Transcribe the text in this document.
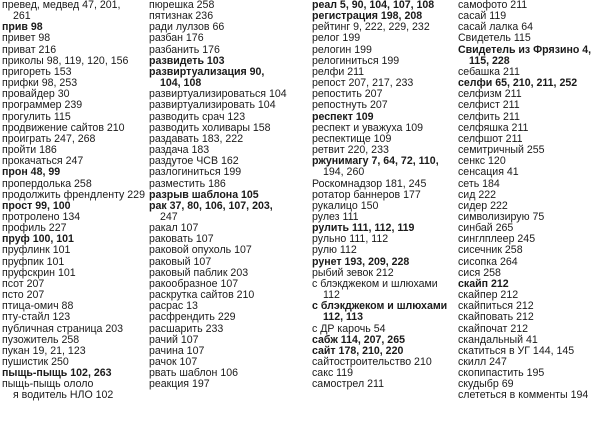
превед, медвед 47, 201,
261
прив 98
привет 98
приват 216
приколы 98, 119, 120, 156
пригореть 153
прифки 98, 253
провайдер 30
программер 239
прогулить 115
продвижение сайтов 210
проиграть 247, 268
пройти 186
прокачаться 247
прон 48, 99
пропердолька 258
продолжить френдленту 229
прост 99, 100
протролено 134
профиль 227
пруф 100, 101
пруфлинк 101
пруфпик 101
пруфскрин 101
псот 207
псто 207
птица-омич 88
пту-стайл 123
публичная страница 203
пузожитель 258
пукан 19, 21, 123
пушистик 250
пыщь-пыщь 102, 263
пыщь-пыщь ололо
я водитель НЛО 102
пюрешка 258
пятизнак 236
ради лулзов 66
разбан 176
разбанить 176
развидеть 103
развиртуализация 90,
104, 108
развиртуализироваться 104
развиртуализировать 104
разводить срач 123
разводить холивары 158
раздавать 183, 222
раздача 183
раздутое ЧСВ 162
разлогиниться 199
разместить 186
разрыв шаблона 105
рак 37, 80, 106, 107, 203,
247
ракал 107
раковать 107
раковой опухоль 107
раковый 107
раковый паблик 203
ракообразное 107
раскрутка сайтов 210
расрас 13
расфрендить 229
расшарить 233
рачий 107
рачина 107
рачок 107
рвать шаблон 106
реакция 197
реал 5, 90, 104, 107, 108
регистрация 198, 208
рейтинг 9, 222, 229, 232
релог 199
релогин 199
релогиниться 199
релфи 211
репост 207, 217, 233
репостить 207
репостнуть 207
респект 109
респект и уважуха 109
респектище 109
ретвит 220, 233
ржунимагу 7, 64, 72, 110,
194, 260
Роскомнадзор 181, 245
ротатор баннеров 177
рукалицо 150
рулез 111
рулить 111, 112, 119
рульно 111, 112
рулю 112
рунет 193, 209, 228
рыбий зевок 212
с блэкджеком и шлюхами
112
с блэкджеком и шлюхами
112, 113
с ДР карочь 54
сабж 114, 207, 265
сайт 178, 210, 220
сайтостроительство 210
сакс 119
самострел 211
самофото 211
сасай 119
сасай лалка 64
Свидетель 115
Свидетель из Фрязино 4,
115, 228
себашка 211
селфи 65, 210, 211, 252
селфизм 211
селфист 211
селфить 211
селфяшка 211
селфшот 211
семитричный 255
сенкс 120
сенсация 41
сеть 184
сид 222
сидер 222
символизирую 75
синбай 265
синглплеер 245
сисечник 258
сисопка 264
сися 258
скайп 212
скайпер 212
скайпиться 212
скайповать 212
скайпочат 212
скандальный 41
скатиться в УГ 144, 145
скилл 247
скопипастить 195
скудыбр 69
слететься в комменты 194
